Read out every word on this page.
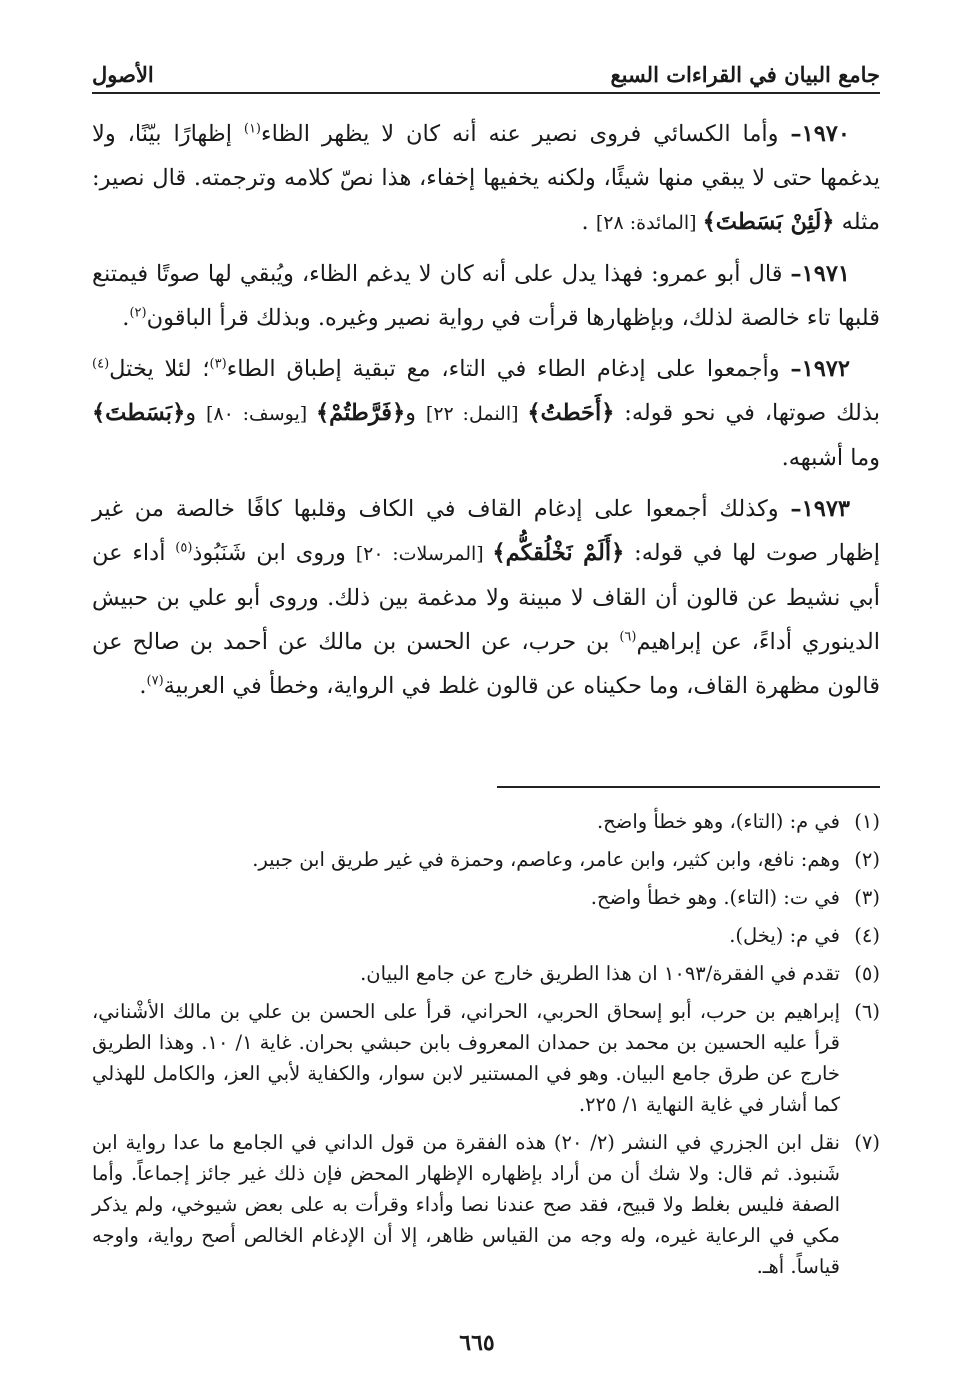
جامع البيان في القراءات السبع
الأصول

١٩٧٠– وأما الكسائي فروى نصير عنه أنه كان لا يظهر الظاء$^{(١)}$ إظهارًا بيّنًا، ولا يدغمها حتى لا يبقي منها شيئًا، ولكنه يخفيها إخفاء، هذا نصّ كلامه وترجمته. قال نصير: مثله ﴿لَئِنْ بَسَطتَ﴾ [المائدة: ٢٨] .

١٩٧١– قال أبو عمرو: فهذا يدل على أنه كان لا يدغم الظاء، ويُبقي لها صوتًا فيمتنع قلبها تاء خالصة لذلك، وبإظهارها قرأت في رواية نصير وغيره. وبذلك قرأ الباقون$^{(٢)}$.

١٩٧٢– وأجمعوا على إدغام الطاء في التاء، مع تبقية إطباق الطاء$^{(٣)}$؛ لئلا يختل$^{(٤)}$ بذلك صوتها، في نحو قوله: ﴿أَحَطتُ﴾ [النمل: ٢٢] و﴿فَرَّطتُمْ﴾ [يوسف: ٨٠] و﴿بَسَطتَ﴾ وما أشبهه.

١٩٧٣– وكذلك أجمعوا على إدغام القاف في الكاف وقلبها كافًا خالصة من غير إظهار صوت لها في قوله: ﴿أَلَمْ نَخْلُقكُّم﴾ [المرسلات: ٢٠] وروى ابن شَنَبُوذ$^{(٥)}$ أداء عن أبي نشيط عن قالون أن القاف لا مبينة ولا مدغمة بين ذلك. وروى أبو علي بن حبيش الدينوري أداءً، عن إبراهيم$^{(٦)}$ بن حرب، عن الحسن بن مالك عن أحمد بن صالح عن قالون مظهرة القاف، وما حكيناه عن قالون غلط في الرواية، وخطأ في العربية$^{(٧)}$.

(١)
في م: (التاء)، وهو خطأ واضح.
(٢)
وهم: نافع، وابن كثير، وابن عامر، وعاصم، وحمزة في غير طريق ابن جبير.
(٣)
في ت: (التاء). وهو خطأ واضح.
(٤)
في م: (يخل).
(٥)
تقدم في الفقرة/١٠٩٣ ان هذا الطريق خارج عن جامع البيان.
(٦)
إبراهيم بن حرب، أبو إسحاق الحربي، الحراني، قرأ على الحسن بن علي بن مالك الأشْناني، قرأ عليه الحسين بن محمد بن حمدان المعروف بابن حبشي بحران. غاية ١/ ١٠. وهذا الطريق خارج عن طرق جامع البيان. وهو في المستنير لابن سوار، والكفاية لأبي العز، والكامل للهذلي كما أشار في غاية النهاية ١/ ٢٢٥.
(٧)
نقل ابن الجزري في النشر (٢/ ٢٠) هذه الفقرة من قول الداني في الجامع ما عدا رواية ابن شَنبوذ. ثم قال: ولا شك أن من أراد بإظهاره الإظهار المحض فإن ذلك غير جائز إجماعاً. وأما الصفة فليس بغلط ولا قبيح، فقد صح عندنا نصا وأداء وقرأت به على بعض شيوخي، ولم يذكر مكي في الرعاية غيره، وله وجه من القياس ظاهر، إلا أن الإدغام الخالص أصح رواية، واوجه قياساً. أهـ.
٦٦٥
